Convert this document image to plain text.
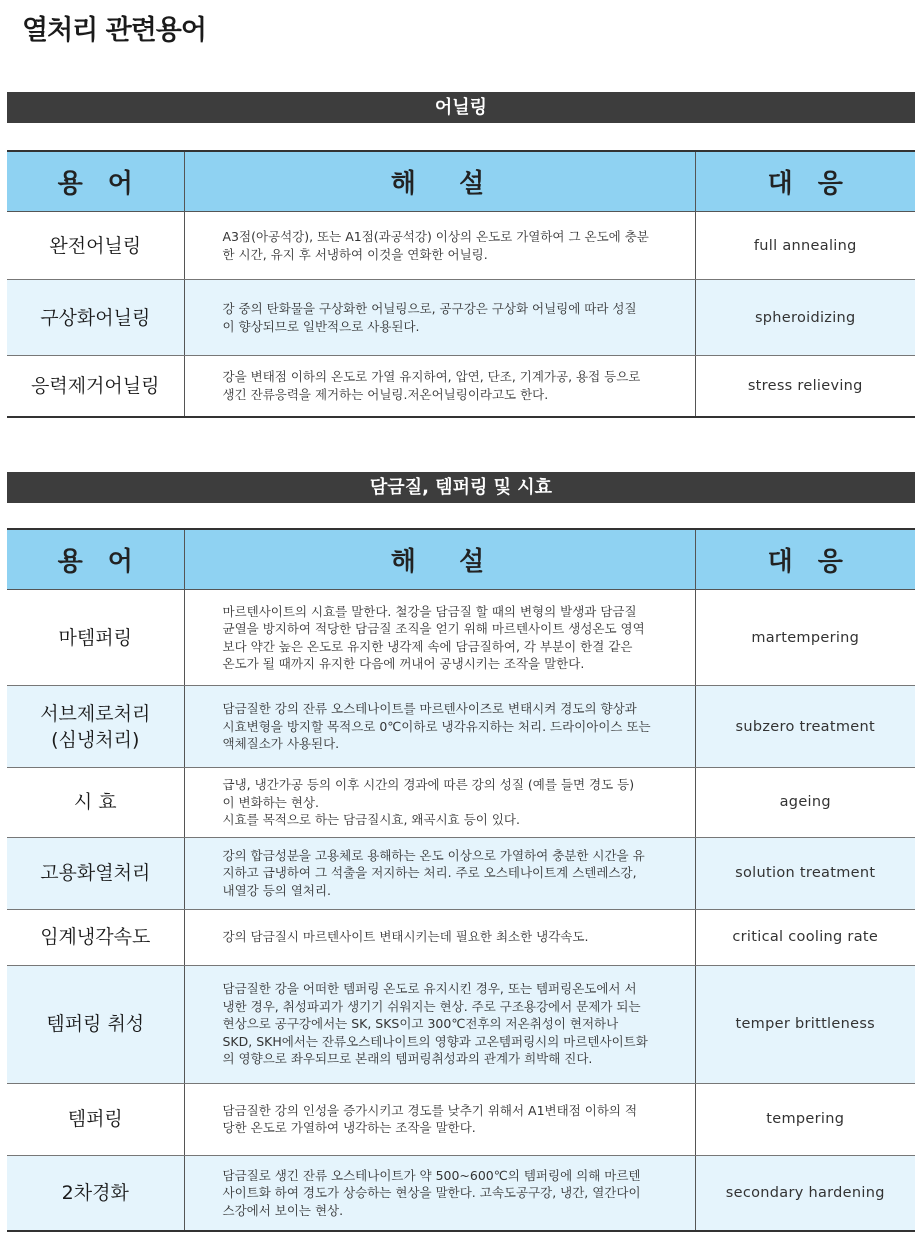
열처리 관련용어
어닐링
용 어	해   설	대 응

완전어닐링	A3점(아공석강), 또는 A1점(과공석강) 이상의 온도로 가열하여 그 온도에 충분
한 시간, 유지 후 서냉하여 이것을 연화한 어닐링.	full annealing

구상화어닐링	강 중의 탄화물을 구상화한 어닐링으로, 공구강은 구상화 어닐링에 따라 성질
이 향상되므로 일반적으로 사용된다.	spheroidizing

응력제거어닐링	강을 변태점 이하의 온도로 가열 유지하여, 압연, 단조, 기계가공, 용접 등으로
생긴 잔류응력을 제거하는 어닐링.저온어닐링이라고도 한다.	stress relieving
담금질, 템퍼링 및 시효
용 어	해   설	대 응

마템퍼링	마르텐사이트의 시효를 말한다. 철강을 담금질 할 때의 변형의 발생과 담금질
균열을 방지하여 적당한 담금질 조직을 얻기 위해 마르텐사이트 생성온도 영역
보다 약간 높은 온도로 유지한 냉각제 속에 담금질하여, 각 부분이 한결 같은
온도가 될 때까지 유지한 다음에 꺼내어 공냉시키는 조작을 말한다.	martempering

서브제로처리
(심냉처리)	담금질한 강의 잔류 오스테나이트를 마르텐사이즈로 변태시켜 경도의 향상과
시효변형을 방지할 목적으로 0℃이하로 냉각유지하는 처리. 드라이아이스 또는
액체질소가 사용된다.	subzero treatment

시 효	급냉, 냉간가공 등의 이후 시간의 경과에 따른 강의 성질 (예를 들면 경도 등)
이 변화하는 현상.
시효를 목적으로 하는 담금질시효, 왜곡시효 등이 있다.	ageing

고용화열처리	강의 합금성분을 고용체로 용해하는 온도 이상으로 가열하여 충분한 시간을 유
지하고 급냉하여 그 석출을 저지하는 처리. 주로 오스테나이트계 스텐레스강,
내열강 등의 열처리.	solution treatment

임계냉각속도	강의 담금질시 마르텐사이트 변태시키는데 필요한 최소한 냉각속도.	critical cooling rate

템퍼링 취성	담금질한 강을 어떠한 템퍼링 온도로 유지시킨 경우, 또는 템퍼링온도에서 서
냉한 경우, 취성파괴가 생기기 쉬워지는 현상. 주로 구조용강에서 문제가 되는
현상으로 공구강에서는 SK, SKS이고 300℃전후의 저온취성이 현저하나
SKD, SKH에서는 잔류오스테나이트의 영향과 고온템퍼링시의 마르텐사이트화
의 영향으로 좌우되므로 본래의 템퍼링취성과의 관계가 희박해 진다.	temper brittleness

템퍼링	담금질한 강의 인성을 증가시키고 경도를 낮추기 위해서 A1변태점 이하의 적
당한 온도로 가열하여 냉각하는 조작을 말한다.	tempering

2차경화	담금질로 생긴 잔류 오스테나이트가 약 500~600℃의 템퍼링에 의해 마르텐
사이트화 하여 경도가 상승하는 현상을 말한다. 고속도공구강, 냉간, 열간다이
스강에서 보이는 현상.	secondary hardening
